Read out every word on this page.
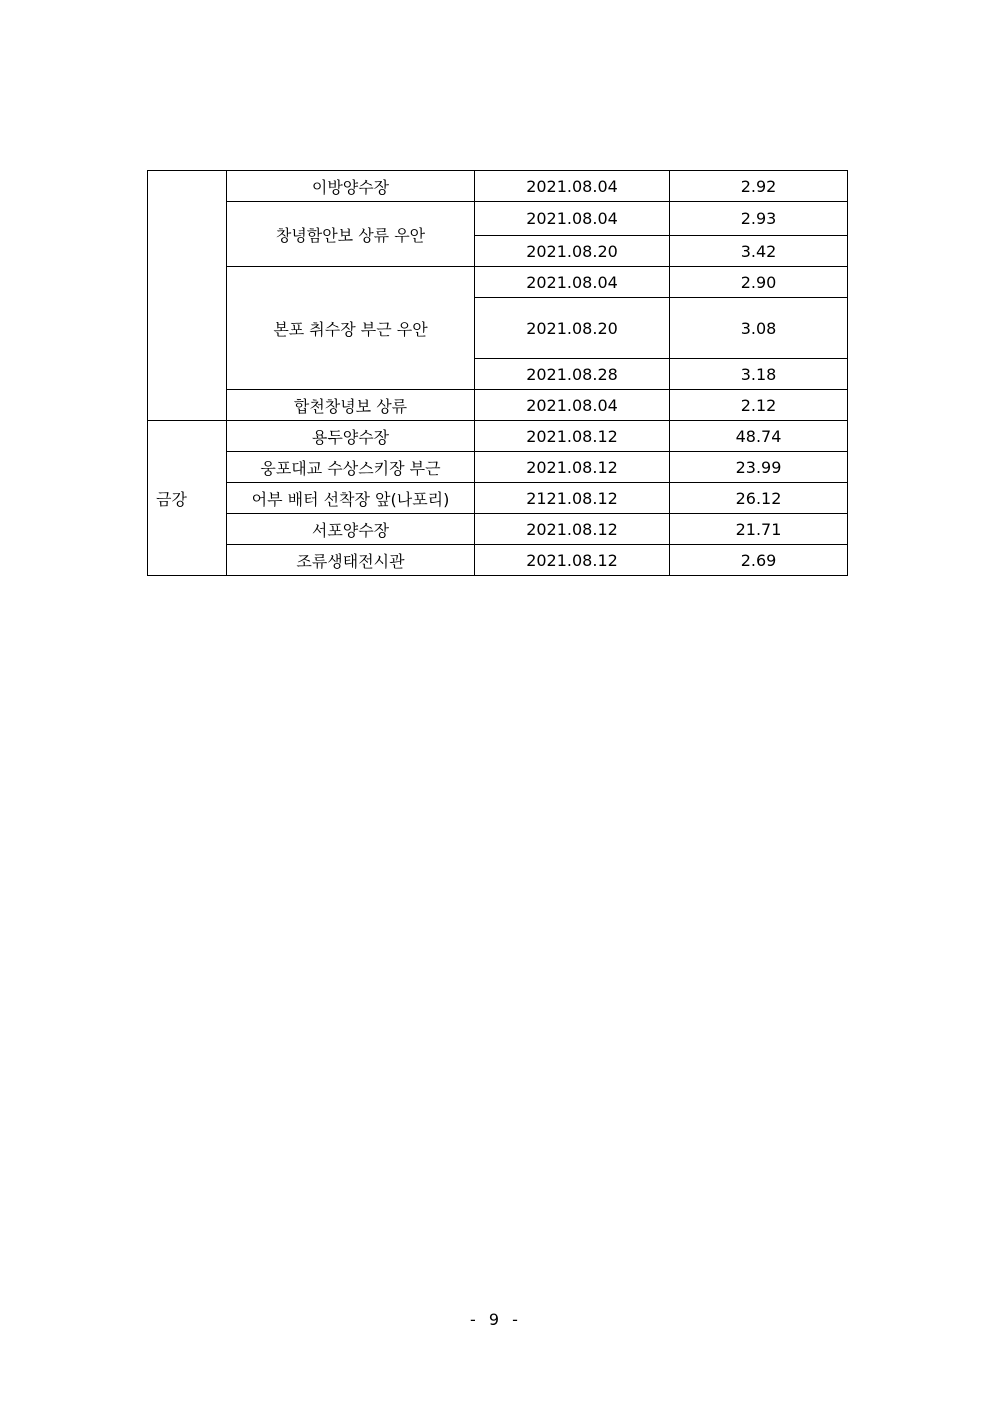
	이방양수장	2021.08.04	2.92
	창녕함안보 상류 우안	2021.08.04	2.93
		2021.08.20	3.42
	본포 취수장 부근 우안	2021.08.04	2.90
		2021.08.20	3.08
		2021.08.28	3.18
	합천창녕보 상류	2021.08.04	2.12
금강	용두양수장	2021.08.12	48.74
	웅포대교 수상스키장 부근	2021.08.12	23.99
	어부 배터 선착장 앞(나포리)	2121.08.12	26.12
	서포양수장	2021.08.12	21.71
	조류생태전시관	2021.08.12	2.69
- 9 -
